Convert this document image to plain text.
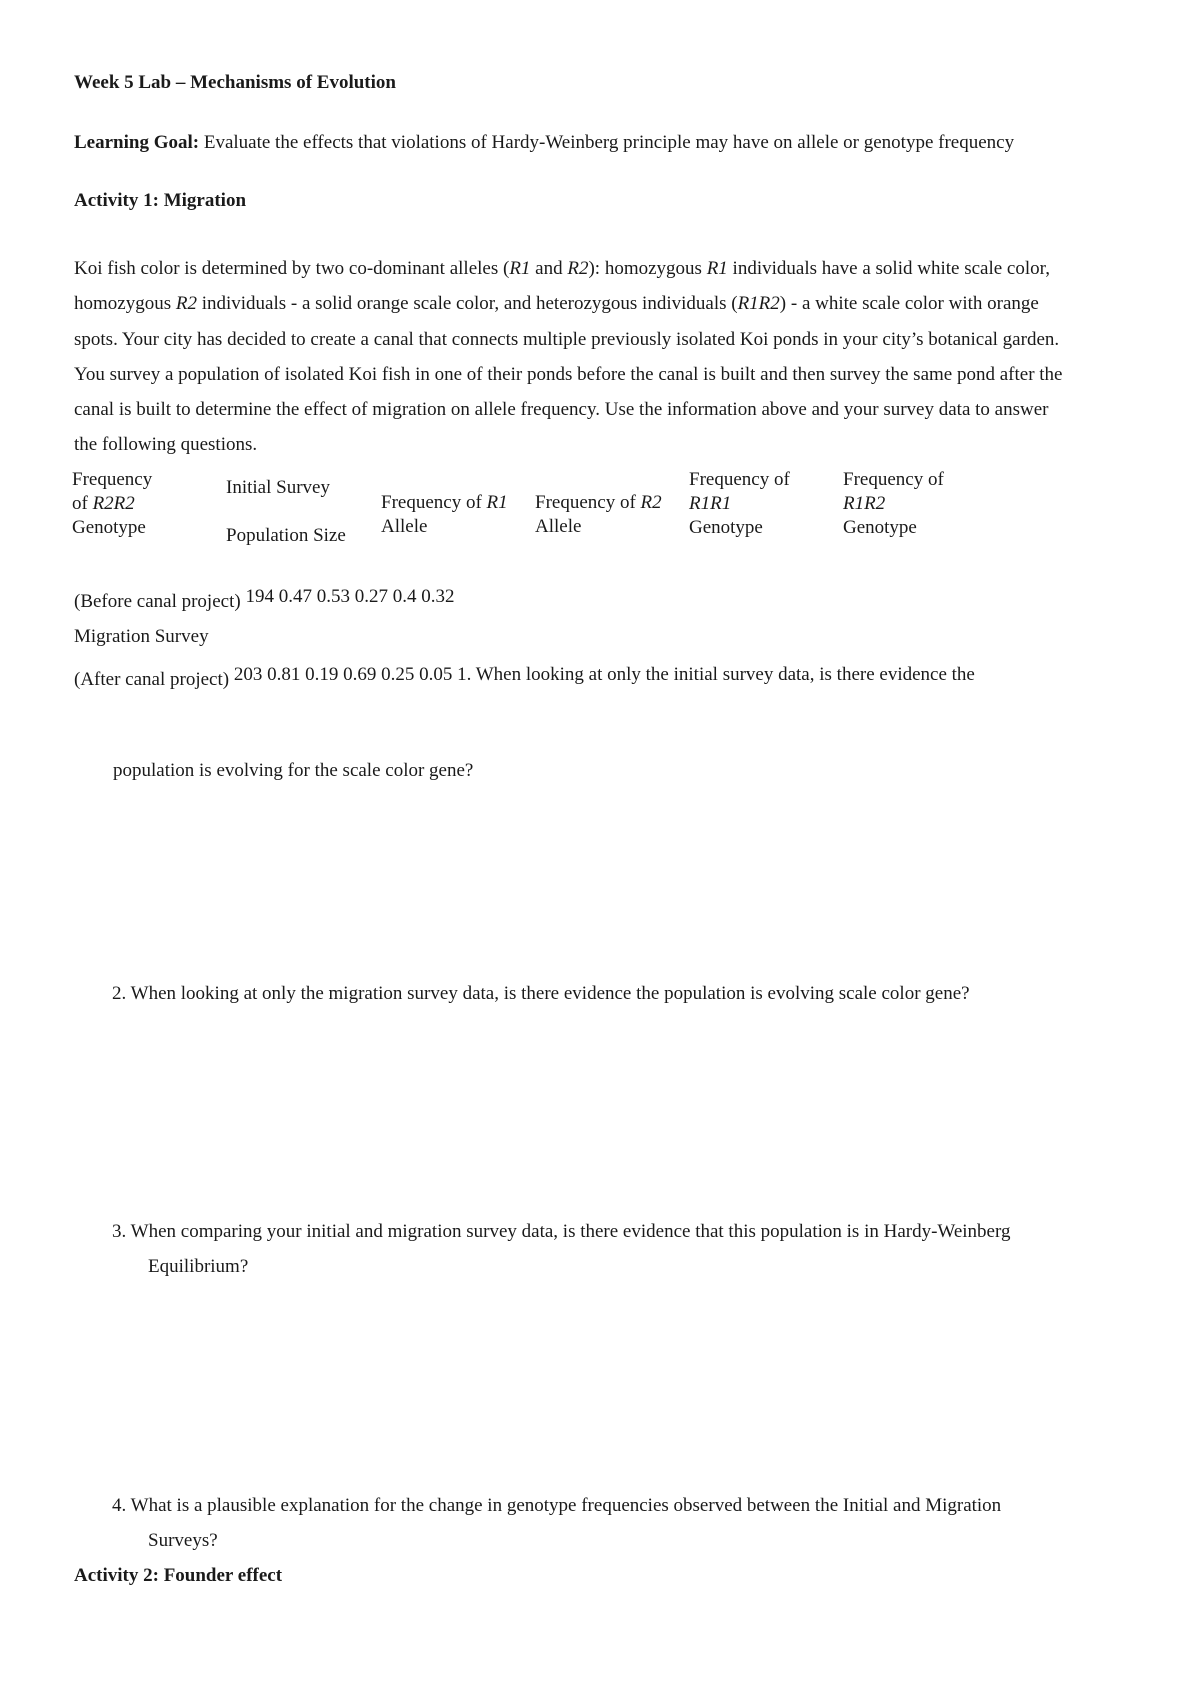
Week 5 Lab – Mechanisms of Evolution
Learning Goal: Evaluate the effects that violations of Hardy-Weinberg principle may have on allele or genotype frequency
Activity 1: Migration
Koi fish color is determined by two co-dominant alleles (R1 and R2): homozygous R1 individuals have a solid white scale color,
homozygous R2 individuals - a solid orange scale color, and heterozygous individuals (R1R2) - a white scale color with orange
spots. Your city has decided to create a canal that connects multiple previously isolated Koi ponds in your city’s botanical garden.
You survey a population of isolated Koi fish in one of their ponds before the canal is built and then survey the same pond after the
canal is built to determine the effect of migration on allele frequency. Use the information above and your survey data to answer
the following questions.
Frequency
of R2R2
Genotype
Initial Survey
Population Size
Frequency of R1
Allele
Frequency of R2
Allele
Frequency of
R1R1
Genotype
Frequency of
R1R2
Genotype
(Before canal project) 194 0.47 0.53 0.27 0.4 0.32
Migration Survey
(After canal project) 203 0.81 0.19 0.69 0.25 0.05 1. When looking at only the initial survey data, is there evidence the
population is evolving for the scale color gene?
2. When looking at only the migration survey data, is there evidence the population is evolving scale color gene?
3. When comparing your initial and migration survey data, is there evidence that this population is in Hardy-Weinberg
Equilibrium?
4. What is a plausible explanation for the change in genotype frequencies observed between the Initial and Migration
Surveys?
Activity 2: Founder effect
